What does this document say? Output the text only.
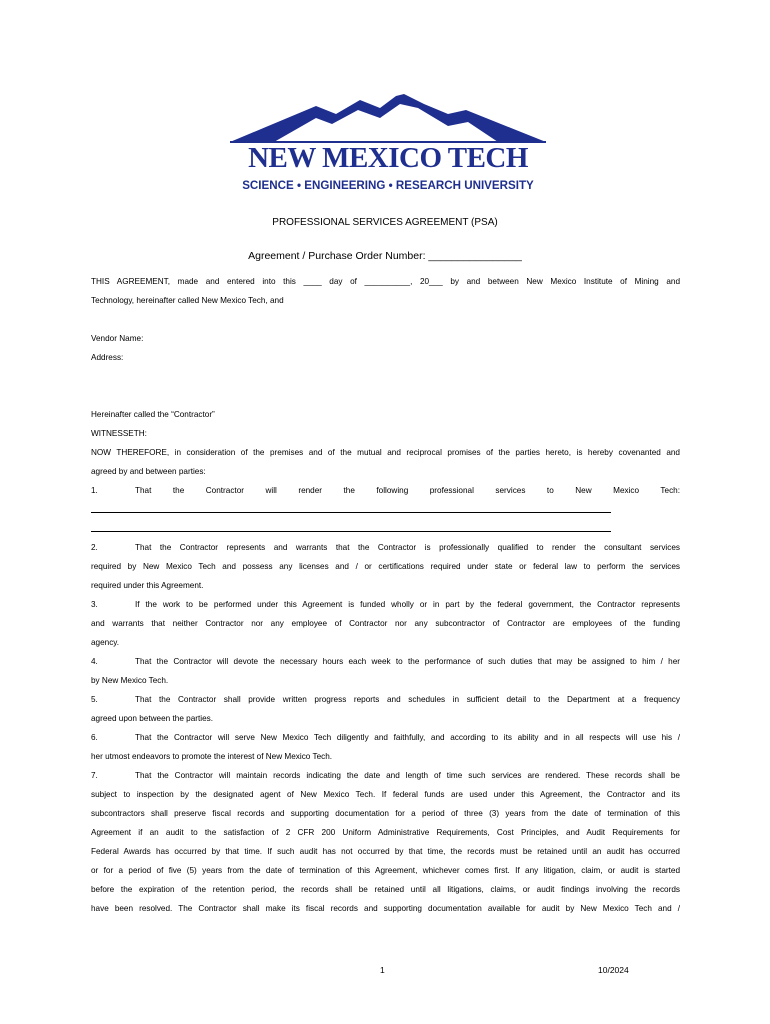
NEW MEXICO TECH
SCIENCE • ENGINEERING • RESEARCH UNIVERSITY
PROFESSIONAL SERVICES AGREEMENT (PSA)
Agreement / Purchase Order Number: ________________
THIS AGREEMENT, made and entered into this ____ day of __________, 20___ by and between New Mexico Institute of Mining and
Technology, hereinafter called New Mexico Tech, and
Vendor Name:
Address:
Hereinafter called the “Contractor”
WITNESSETH:
NOW THEREFORE, in consideration of the premises and of the mutual and reciprocal promises of the parties hereto, is hereby covenanted and
agreed by and between parties:
1.	That the Contractor will render the following professional services to New Mexico Tech:
2.	That the Contractor represents and warrants that the Contractor is professionally qualified to render the consultant services
required by New Mexico Tech and possess any licenses and / or certifications required under state or federal law to perform the services
required under this Agreement.
3.	If the work to be performed under this Agreement is funded wholly or in part by the federal government, the Contractor represents
and warrants that neither Contractor nor any employee of Contractor nor any subcontractor of Contractor are employees of the funding
agency.
4.	That the Contractor will devote the necessary hours each week to the performance of such duties that may be assigned to him / her
by New Mexico Tech.
5.	That the Contractor shall provide written progress reports and schedules in sufficient detail to the Department at a frequency
agreed upon between the parties.
6.	That the Contractor will serve New Mexico Tech diligently and faithfully, and according to its ability and in all respects will use his /
her utmost endeavors to promote the interest of New Mexico Tech.
7.	That the Contractor will maintain records indicating the date and length of time such services are rendered. These records shall be
subject to inspection by the designated agent of New Mexico Tech. If federal funds are used under this Agreement, the Contractor and its
subcontractors shall preserve fiscal records and supporting documentation for a period of three (3) years from the date of termination of this
Agreement if an audit to the satisfaction of 2 CFR 200 Uniform Administrative Requirements, Cost Principles, and Audit Requirements for
Federal Awards has occurred by that time. If such audit has not occurred by that time, the records must be retained until an audit has occurred
or for a period of five (5) years from the date of termination of this Agreement, whichever comes first. If any litigation, claim, or audit is started
before the expiration of the retention period, the records shall be retained until all litigations, claims, or audit findings involving the records
have been resolved. The Contractor shall make its fiscal records and supporting documentation available for audit by New Mexico Tech and /
1	10/2024
